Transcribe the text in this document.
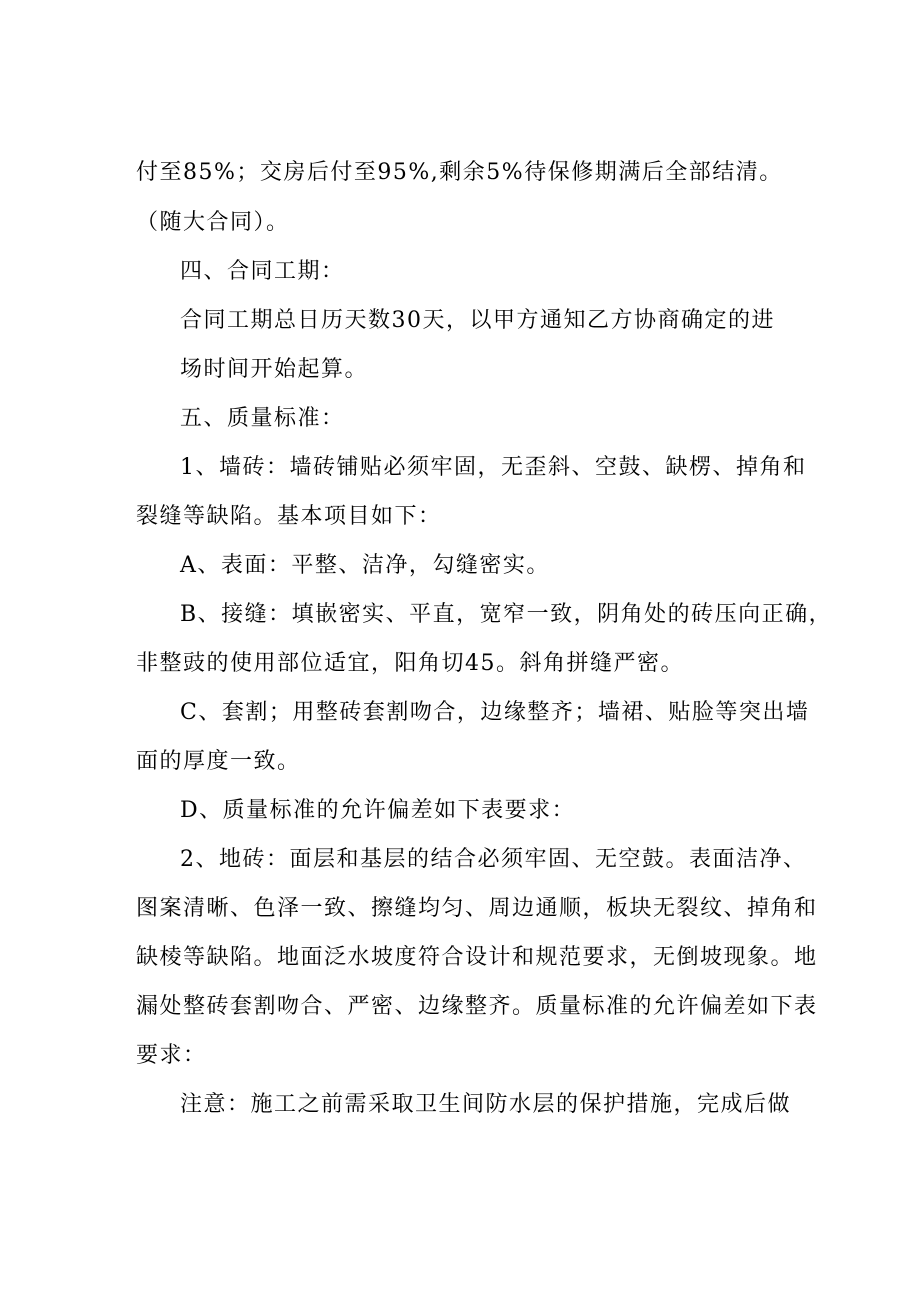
付至85%；交房后付至95%,剩余5%待保修期满后全部结清。
（随大合同）。
四、合同工期：
合同工期总日历天数30天，以甲方通知乙方协商确定的进
场时间开始起算。
五、质量标准：
1、墙砖：墙砖铺贴必须牢固，无歪斜、空鼓、缺楞、掉角和
裂缝等缺陷。基本项目如下：
A、表面：平整、洁净，勾缝密实。
B、接缝：填嵌密实、平直，宽窄一致，阴角处的砖压向正确，
非整豉的使用部位适宜，阳角切45。斜角拼缝严密。
C、套割；用整砖套割吻合，边缘整齐；墙裙、贴脸等突出墙
面的厚度一致。
D、质量标准的允许偏差如下表要求：
2、地砖：面层和基层的结合必须牢固、无空鼓。表面洁净、
图案清晰、色泽一致、擦缝均匀、周边通顺，板块无裂纹、掉角和
缺棱等缺陷。地面泛水坡度符合设计和规范要求，无倒坡现象。地
漏处整砖套割吻合、严密、边缘整齐。质量标准的允许偏差如下表
要求：
注意：施工之前需采取卫生间防水层的保护措施，完成后做
